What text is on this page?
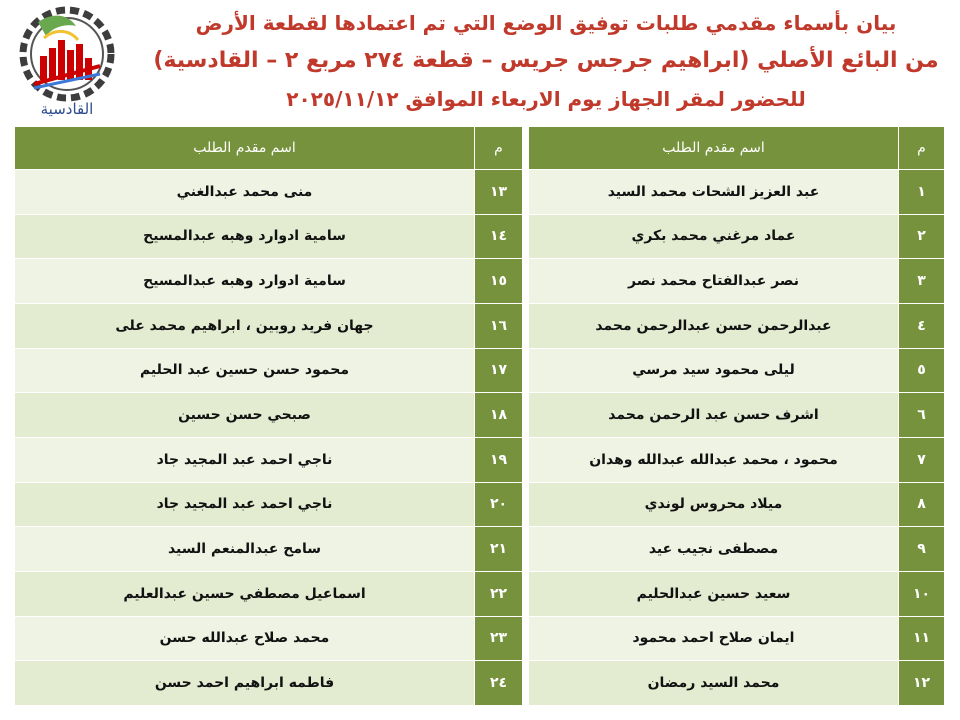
القادسية
بيان بأسماء مقدمي طلبات توفيق الوضع التي تم اعتمادها لقطعة الأرض
من البائع الأصلي (ابراهيم جرجس جريس – قطعة ٢٧٤ مربع ٢ – القادسية)
للحضور لمقر الجهاز يوم الاربعاء الموافق ٢٠٢٥/١١/١٢
م	اسم مقدم الطلب		م	اسم مقدم الطلب
١	عبد العزيز الشحات محمد السيد		١٣	منى محمد عبدالغني
٢	عماد مرغني محمد بكري		١٤	سامية ادوارد وهبه عبدالمسيح
٣	نصر عبدالفتاح محمد نصر		١٥	سامية ادوارد وهبه عبدالمسيح
٤	عبدالرحمن حسن عبدالرحمن محمد		١٦	جهان فريد روبين ، ابراهيم محمد على
٥	ليلى محمود سيد مرسي		١٧	محمود حسن حسين عبد الحليم
٦	اشرف حسن عبد الرحمن محمد		١٨	صبحي حسن حسين
٧	محمود ، محمد عبدالله عبدالله وهدان		١٩	ناجي احمد عبد المجيد جاد
٨	ميلاد محروس لوندي		٢٠	ناجي احمد عبد المجيد جاد
٩	مصطفى نجيب عيد		٢١	سامح عبدالمنعم السيد
١٠	سعيد حسين عبدالحليم		٢٢	اسماعيل مصطفي حسين عبدالعليم
١١	ايمان صلاح احمد محمود		٢٣	محمد صلاح عبدالله حسن
١٢	محمد السيد رمضان		٢٤	فاطمه ابراهيم احمد حسن
